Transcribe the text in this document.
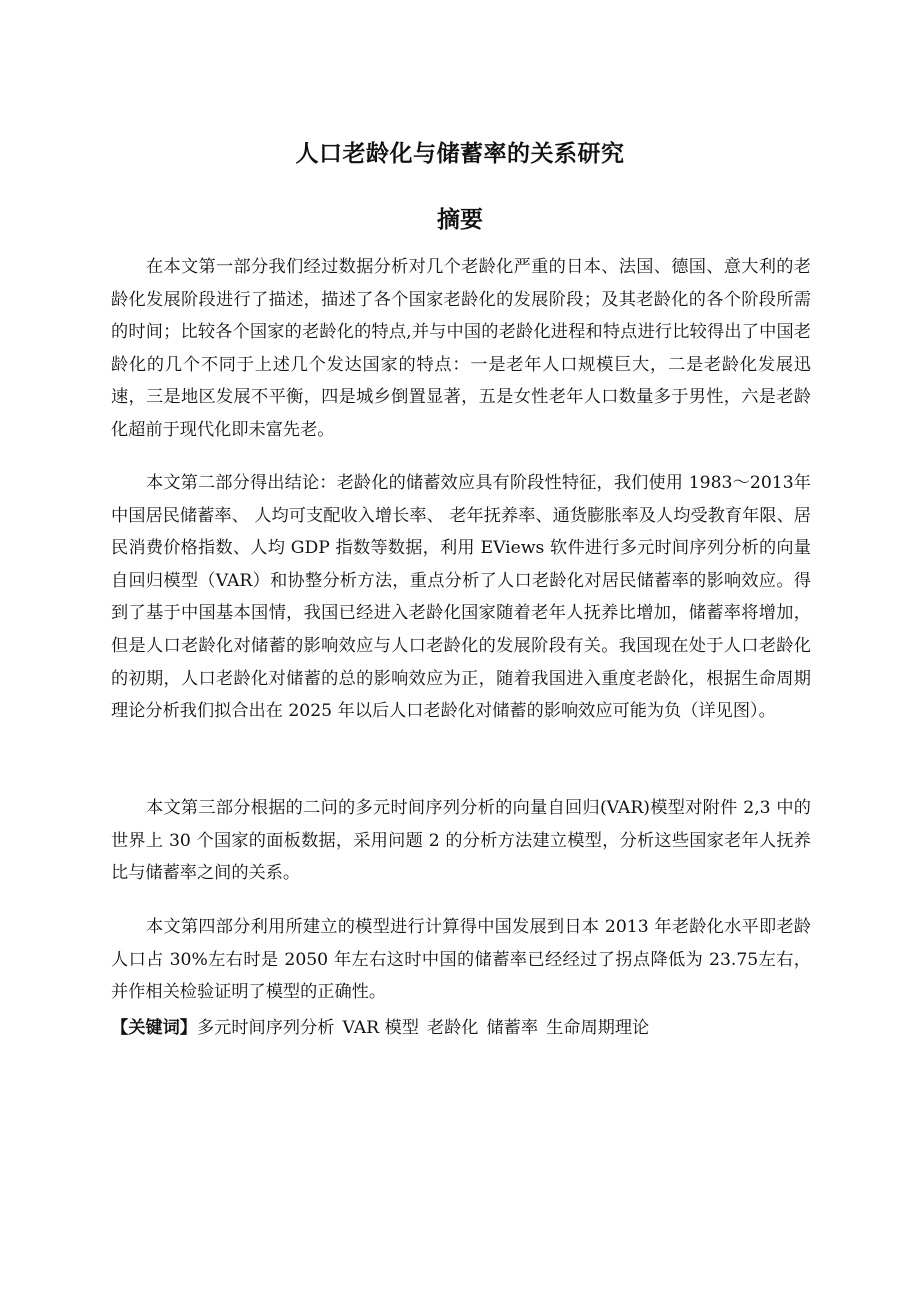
人口老龄化与储蓄率的关系研究
摘要

在本文第一部分我们经过数据分析对几个老龄化严重的日本、法国、德国、意大利的老龄化发展阶段进行了描述，描述了各个国家老龄化的发展阶段；及其老龄化的各个阶段所需的时间；比较各个国家的老龄化的特点,并与中国的老龄化进程和特点进行比较得出了中国老龄化的几个不同于上述几个发达国家的特点：一是老年人口规模巨大，二是老龄化发展迅速，三是地区发展不平衡，四是城乡倒置显著，五是女性老年人口数量多于男性，六是老龄化超前于现代化即未富先老。

本文第二部分得出结论：老龄化的储蓄效应具有阶段性特征，我们使用 1983～2013年中国居民储蓄率、 人均可支配收入增长率、 老年抚养率、通货膨胀率及人均受教育年限、居民消费价格指数、人均 GDP 指数等数据，利用 EViews 软件进行多元时间序列分析的向量自回归模型（VAR）和协整分析方法，重点分析了人口老龄化对居民储蓄率的影响效应。得到了基于中国基本国情，我国已经进入老龄化国家随着老年人抚养比增加，储蓄率将增加，但是人口老龄化对储蓄的影响效应与人口老龄化的发展阶段有关。我国现在处于人口老龄化的初期，人口老龄化对储蓄的总的影响效应为正，随着我国进入重度老龄化，根据生命周期理论分析我们拟合出在 2025 年以后人口老龄化对储蓄的影响效应可能为负（详见图）。

本文第三部分根据的二问的多元时间序列分析的向量自回归(VAR)模型对附件 2,3 中的世界上 30 个国家的面板数据，采用问题 2 的分析方法建立模型，分析这些国家老年人抚养比与储蓄率之间的关系。

本文第四部分利用所建立的模型进行计算得中国发展到日本 2013 年老龄化水平即老龄人口占 30%左右时是 2050 年左右这时中国的储蓄率已经经过了拐点降低为 23.75左右，并作相关检验证明了模型的正确性。

【关键词】多元时间序列分析 VAR 模型 老龄化 储蓄率 生命周期理论
